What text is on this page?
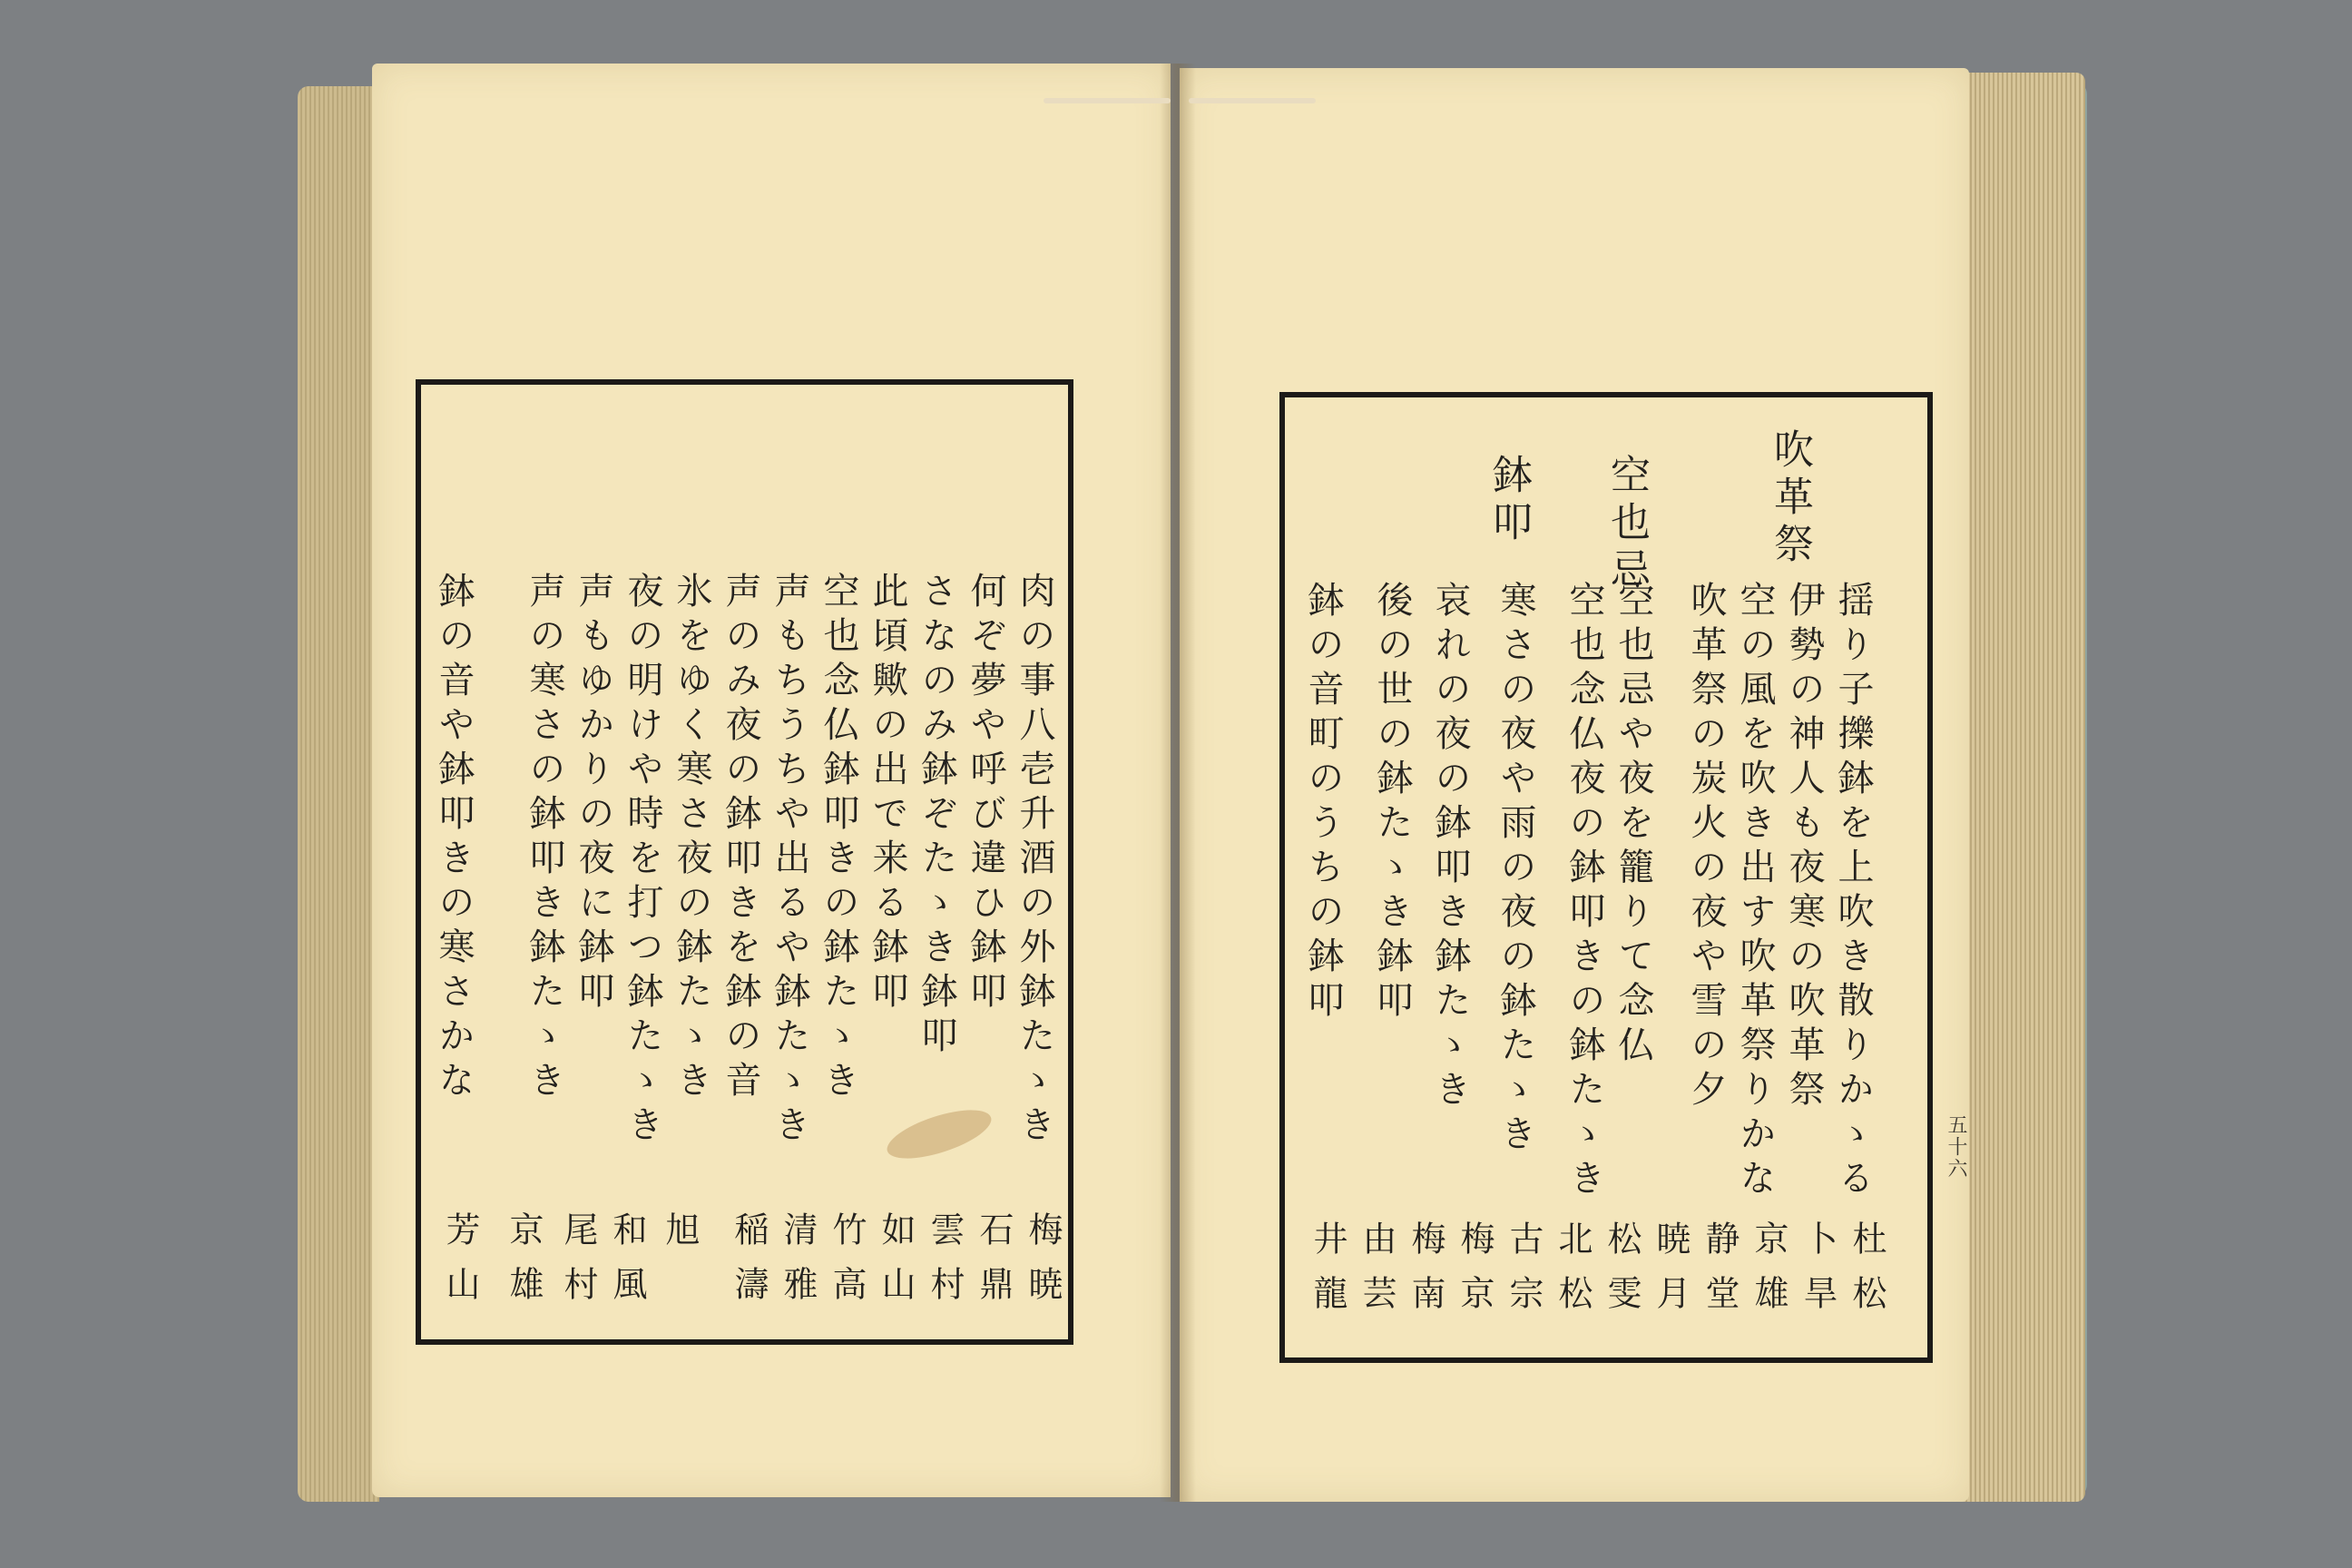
肉の事八壱升酒の外鉢たゝき
何ぞ夢や呼び違ひ鉢叩
さなのみ鉢ぞたゝき鉢叩
此頃歟の出で来る鉢叩
空也念仏鉢叩きの鉢たゝき
声もちうちや出るや鉢たゝき
声のみ夜の鉢叩きを鉢の音
氷をゆく寒さ夜の鉢たゝき
夜の明けや時を打つ鉢たゝき
声もゆかりの夜に鉢叩
声の寒さの鉢叩き鉢たゝき
鉢の音や鉢叩きの寒さかな
梅暁
石鼎
雲村
如山
竹高
清雅
稲濤
旭
和風
尾村
京雄
芳山
吹革祭
空也忌
鉢叩
揺り子擽鉢を上吹き散りかゝる
伊勢の神人も夜寒の吹革祭
空の風を吹き出す吹革祭りかな
吹革祭の炭火の夜や雪の夕
空也忌や夜を籠りて念仏
空也念仏夜の鉢叩きの鉢たゝき
寒さの夜や雨の夜の鉢たゝき
哀れの夜の鉢叩き鉢たゝき
後の世の鉢たゝき鉢叩
鉢の音町のうちの鉢叩
杜松
卜旱
京雄
静堂
暁月
松雯
北松
古宗
梅京
梅南
由芸
井龍
五十六
